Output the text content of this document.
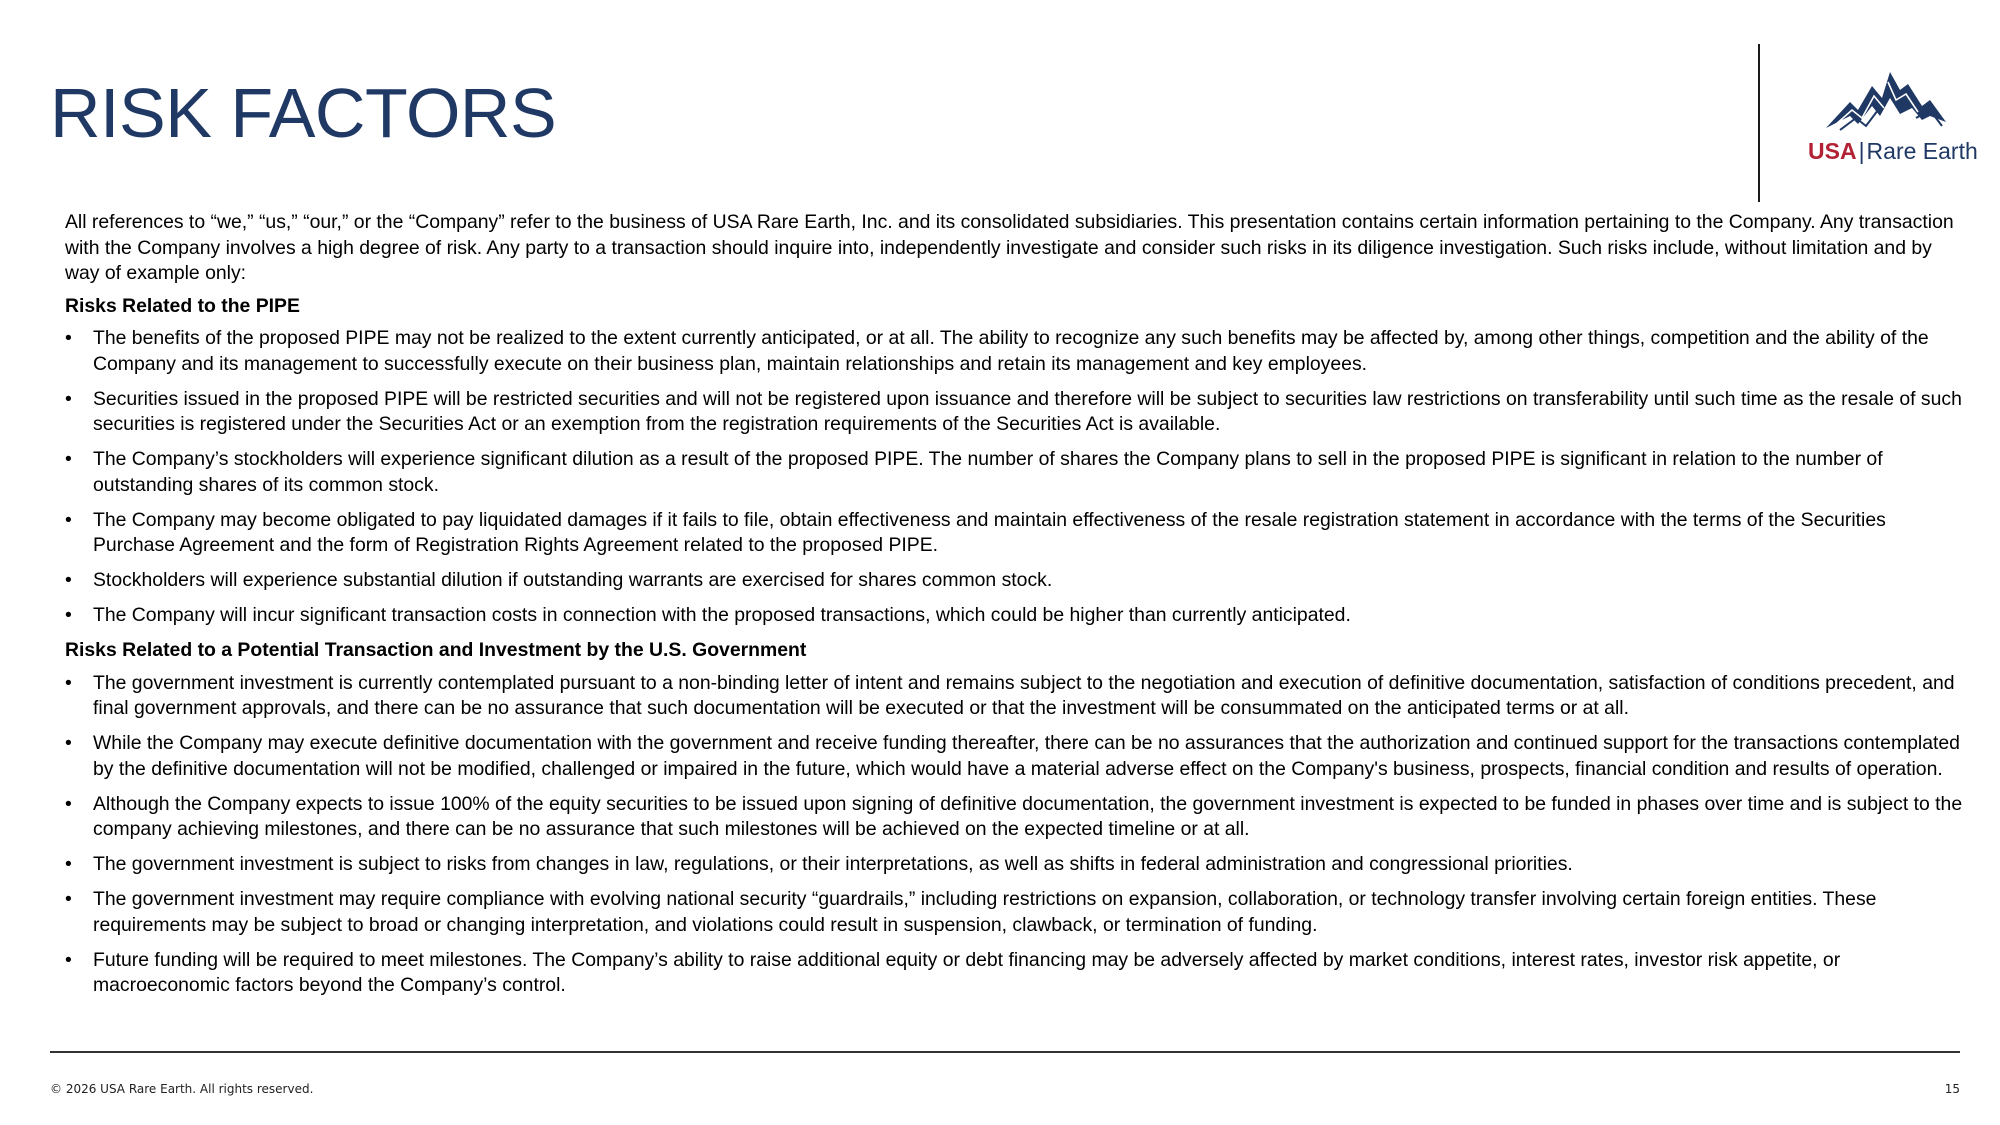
RISK FACTORS	USA|Rare Earth

All references to “we,” “us,” “our,” or the “Company” refer to the business of USA Rare Earth, Inc. and its consolidated subsidiaries. This presentation contains certain information pertaining to the Company. Any transaction with the Company involves a high degree of risk. Any party to a transaction should inquire into, independently investigate and consider such risks in its diligence investigation. Such risks include, without limitation and by way of example only:

Risks Related to the PIPE

• The benefits of the proposed PIPE may not be realized to the extent currently anticipated, or at all. The ability to recognize any such benefits may be affected by, among other things, competition and the ability of the Company and its management to successfully execute on their business plan, maintain relationships and retain its management and key employees.
• Securities issued in the proposed PIPE will be restricted securities and will not be registered upon issuance and therefore will be subject to securities law restrictions on transferability until such time as the resale of such securities is registered under the Securities Act or an exemption from the registration requirements of the Securities Act is available.
• The Company’s stockholders will experience significant dilution as a result of the proposed PIPE. The number of shares the Company plans to sell in the proposed PIPE is significant in relation to the number of outstanding shares of its common stock.
• The Company may become obligated to pay liquidated damages if it fails to file, obtain effectiveness and maintain effectiveness of the resale registration statement in accordance with the terms of the Securities Purchase Agreement and the form of Registration Rights Agreement related to the proposed PIPE.
• Stockholders will experience substantial dilution if outstanding warrants are exercised for shares common stock.
• The Company will incur significant transaction costs in connection with the proposed transactions, which could be higher than currently anticipated.

Risks Related to a Potential Transaction and Investment by the U.S. Government

• The government investment is currently contemplated pursuant to a non-binding letter of intent and remains subject to the negotiation and execution of definitive documentation, satisfaction of conditions precedent, and final government approvals, and there can be no assurance that such documentation will be executed or that the investment will be consummated on the anticipated terms or at all.
• While the Company may execute definitive documentation with the government and receive funding thereafter, there can be no assurances that the authorization and continued support for the transactions contemplated by the definitive documentation will not be modified, challenged or impaired in the future, which would have a material adverse effect on the Company's business, prospects, financial condition and results of operation.
• Although the Company expects to issue 100% of the equity securities to be issued upon signing of definitive documentation, the government investment is expected to be funded in phases over time and is subject to the company achieving milestones, and there can be no assurance that such milestones will be achieved on the expected timeline or at all.
• The government investment is subject to risks from changes in law, regulations, or their interpretations, as well as shifts in federal administration and congressional priorities.
• The government investment may require compliance with evolving national security “guardrails,” including restrictions on expansion, collaboration, or technology transfer involving certain foreign entities. These requirements may be subject to broad or changing interpretation, and violations could result in suspension, clawback, or termination of funding.
• Future funding will be required to meet milestones. The Company’s ability to raise additional equity or debt financing may be adversely affected by market conditions, interest rates, investor risk appetite, or macroeconomic factors beyond the Company’s control.
© 2026 USA Rare Earth. All rights reserved.	15
